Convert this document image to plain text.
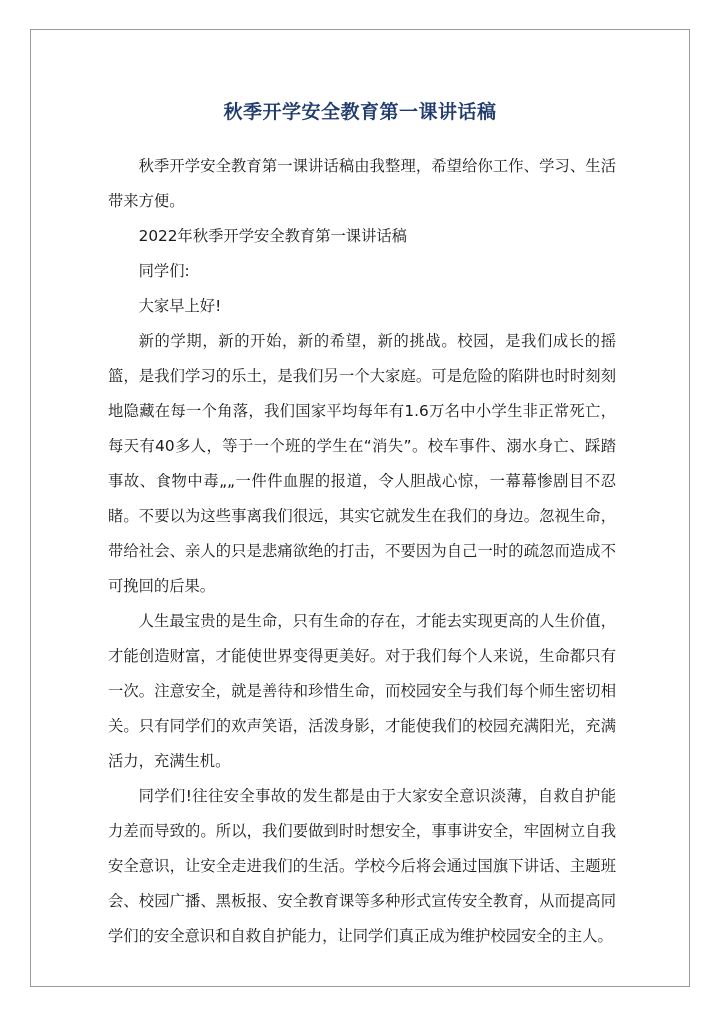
秋季开学安全教育第一课讲话稿

秋季开学安全教育第一课讲话稿由我整理，希望给你工作、学习、生活带来方便。

2022年秋季开学安全教育第一课讲话稿

同学们:

大家早上好!

新的学期，新的开始，新的希望，新的挑战。校园，是我们成长的摇篮，是我们学习的乐土，是我们另一个大家庭。可是危险的陷阱也时时刻刻地隐藏在每一个角落，我们国家平均每年有1.6万名中小学生非正常死亡，每天有40多人，等于一个班的学生在“消失”。校车事件、溺水身亡、踩踏事故、食物中毒„„一件件血腥的报道，令人胆战心惊，一幕幕惨剧目不忍睹。不要以为这些事离我们很远，其实它就发生在我们的身边。忽视生命，带给社会、亲人的只是悲痛欲绝的打击，不要因为自己一时的疏忽而造成不可挽回的后果。

人生最宝贵的是生命，只有生命的存在，才能去实现更高的人生价值，才能创造财富，才能使世界变得更美好。对于我们每个人来说，生命都只有一次。注意安全，就是善待和珍惜生命，而校园安全与我们每个师生密切相关。只有同学们的欢声笑语，活泼身影，才能使我们的校园充满阳光，充满活力，充满生机。

同学们!往往安全事故的发生都是由于大家安全意识淡薄，自救自护能力差而导致的。所以，我们要做到时时想安全，事事讲安全，牢固树立自我安全意识，让安全走进我们的生活。学校今后将会通过国旗下讲话、主题班会、校园广播、黑板报、安全教育课等多种形式宣传安全教育，从而提高同学们的安全意识和自救自护能力，让同学们真正成为维护校园安全的主人。
